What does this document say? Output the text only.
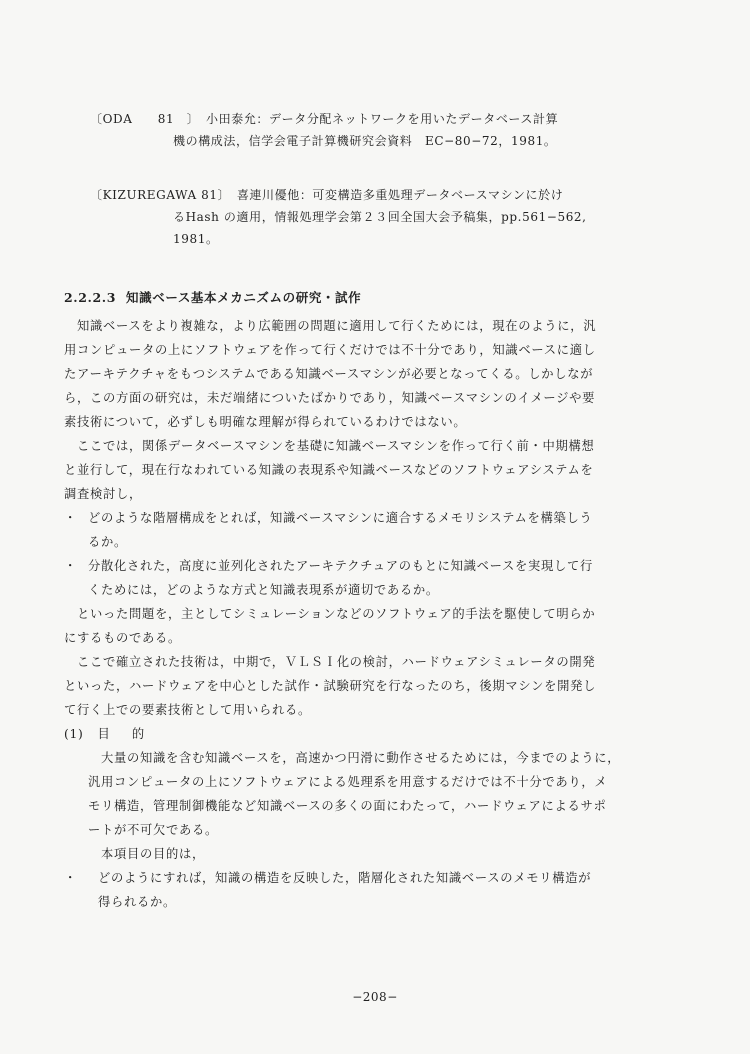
〔ODA　　81　〕　 小田泰允：データ分配ネットワークを用いたデータベース計算
機の構成法，信学会電子計算機研究会資料　EC−80−72，1981。
〔KIZUREGAWA 81〕　 喜連川優他：可変構造多重処理データベースマシンに於け
るHash の適用，情報処理学会第２３回全国大会予稿集，pp.561−562,
1981。
2.2.2.3 知識ベース基本メカニズムの研究・試作
　知識ベースをより複雑な，より広範囲の問題に適用して行くためには，現在のように，汎
用コンピュータの上にソフトウェアを作って行くだけでは不十分であり，知識ベースに適し
たアーキテクチャをもつシステムである知識ベースマシンが必要となってくる。しかしなが
ら，この方面の研究は，未だ端緒についたばかりであり，知識ベースマシンのイメージや要
素技術について，必ずしも明確な理解が得られているわけではない。
　ここでは，関係データベースマシンを基礎に知識ベースマシンを作って行く前・中期構想
と並行して，現在行なわれている知識の表現系や知識ベースなどのソフトウェアシステムを
調査検討し，
・ どのような階層構成をとれば，知識ベースマシンに適合するメモリシステムを構築しう
るか。
・ 分散化された，高度に並列化されたアーキテクチュアのもとに知識ベースを実現して行
くためには，どのような方式と知識表現系が適切であるか。
　といった問題を，主としてシミュレーションなどのソフトウェア的手法を駆使して明らか
にするものである。
　ここで確立された技術は，中期で，ＶＬＳＩ化の検討，ハードウェアシミュレータの開発
といった，ハードウェアを中心とした試作・試験研究を行なったのち，後期マシンを開発し
て行く上での要素技術として用いられる。
(1) 目的
　大量の知識を含む知識ベースを，高速かつ円滑に動作させるためには，今までのように，
汎用コンピュータの上にソフトウェアによる処理系を用意するだけでは不十分であり，メ
モリ構造，管理制御機能など知識ベースの多くの面にわたって，ハードウェアによるサポ
ートが不可欠である。
　本項目の目的は，
・ どのようにすれば，知識の構造を反映した，階層化された知識ベースのメモリ構造が
得られるか。
−208−
